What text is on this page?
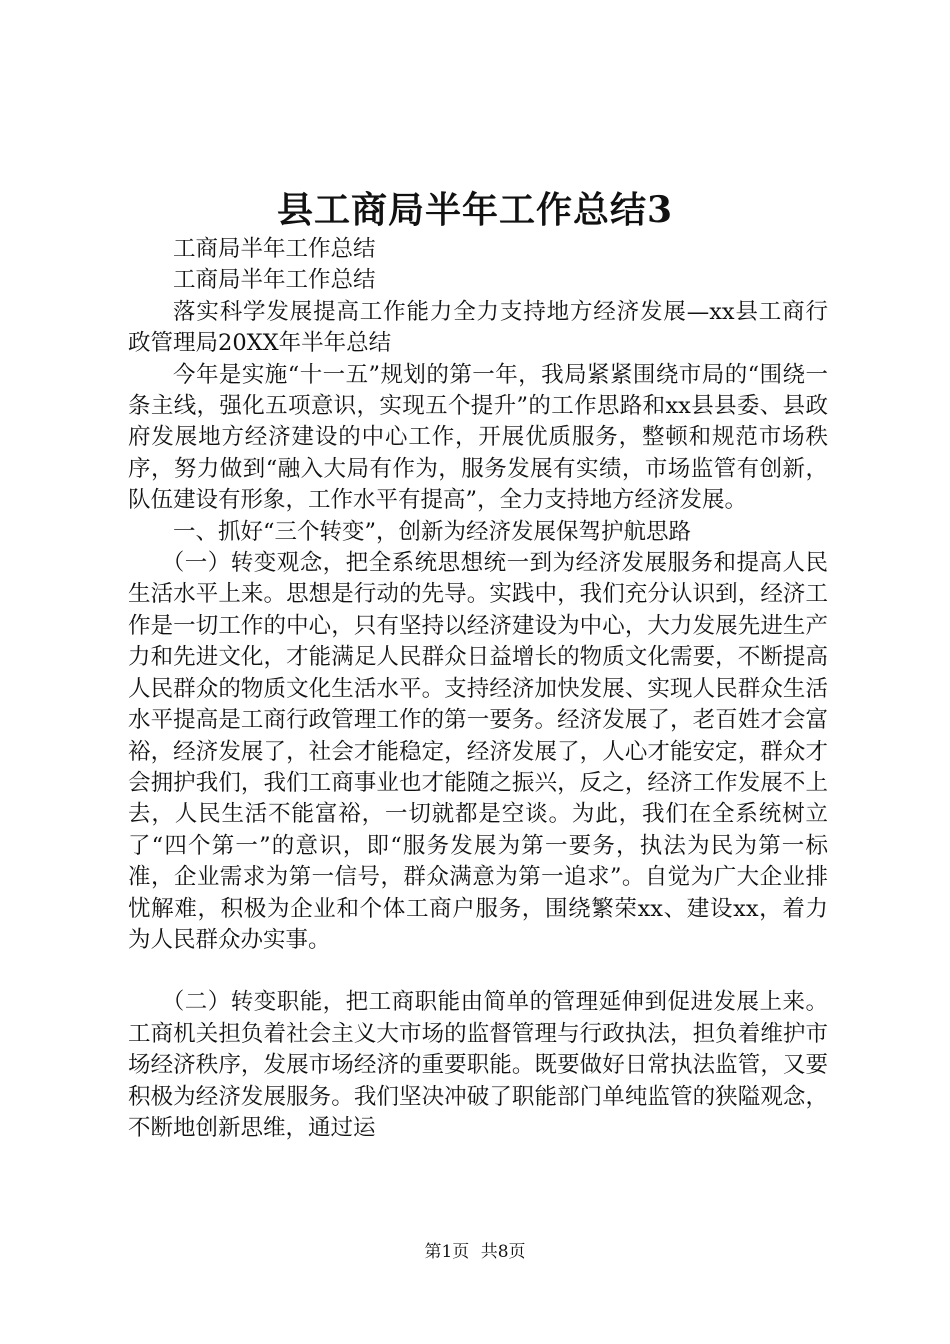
县工商局半年工作总结3

工商局半年工作总结

工商局半年工作总结

落实科学发展提高工作能力全力支持地方经济发展—xx县工商行政管理局20XX年半年总结

今年是实施“十一五”规划的第一年，我局紧紧围绕市局的“围绕一条主线，强化五项意识，实现五个提升”的工作思路和xx县县委、县政府发展地方经济建设的中心工作，开展优质服务，整顿和规范市场秩序，努力做到“融入大局有作为，服务发展有实绩，市场监管有创新，队伍建设有形象，工作水平有提高”，全力支持地方经济发展。

一、抓好“三个转变”，创新为经济发展保驾护航思路

（一）转变观念，把全系统思想统一到为经济发展服务和提高人民生活水平上来。思想是行动的先导。实践中，我们充分认识到，经济工作是一切工作的中心，只有坚持以经济建设为中心，大力发展先进生产力和先进文化，才能满足人民群众日益增长的物质文化需要，不断提高人民群众的物质文化生活水平。支持经济加快发展、实现人民群众生活水平提高是工商行政管理工作的第一要务。经济发展了，老百姓才会富裕，经济发展了，社会才能稳定，经济发展了，人心才能安定，群众才会拥护我们，我们工商事业也才能随之振兴，反之，经济工作发展不上去，人民生活不能富裕，一切就都是空谈。为此，我们在全系统树立了“四个第一”的意识，即“服务发展为第一要务，执法为民为第一标准，企业需求为第一信号，群众满意为第一追求”。自觉为广大企业排忧解难，积极为企业和个体工商户服务，围绕繁荣xx、建设xx，着力为人民群众办实事。

（二）转变职能，把工商职能由简单的管理延伸到促进发展上来。工商机关担负着社会主义大市场的监督管理与行政执法，担负着维护市场经济秩序，发展市场经济的重要职能。既要做好日常执法监管，又要积极为经济发展服务。我们坚决冲破了职能部门单纯监管的狭隘观念，不断地创新思维，通过运

第1页 共8页
